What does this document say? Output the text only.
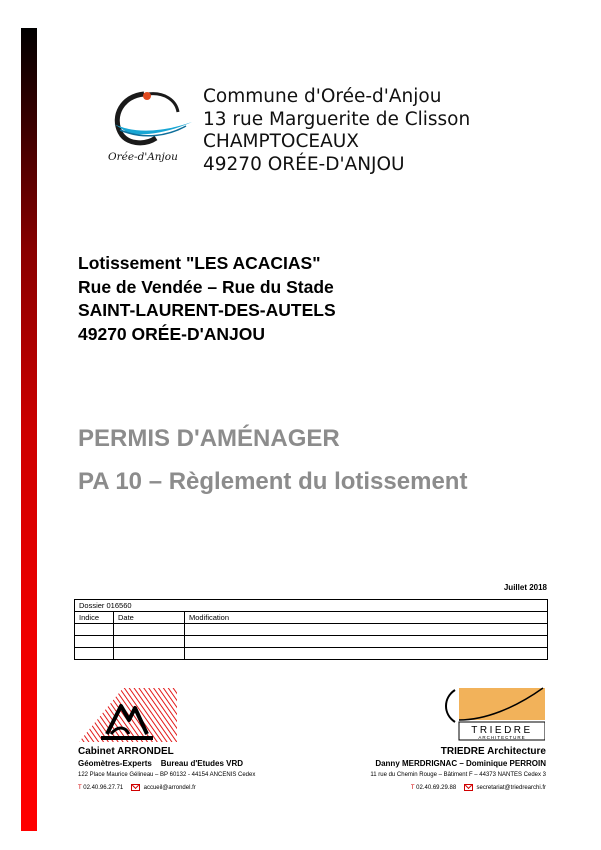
Orée-d'Anjou
Commune d'Orée-d'Anjou
13 rue Marguerite de Clisson
CHAMPTOCEAUX
49270 ORÉE-D'ANJOU
Lotissement "LES ACACIAS"
Rue de Vendée – Rue du Stade
SAINT-LAURENT-DES-AUTELS
49270 ORÉE-D'ANJOU
PERMIS D'AMÉNAGER
PA 10 – Règlement du lotissement
Juillet 2018
Dossier 016560		
Indice	Date	Modification

Cabinet ARRONDEL
Géomètres-Experts    Bureau d'Etudes VRD
122 Place Maurice Gélineau – BP 60132 - 44154 ANCENIS Cedex
T 02.40.96.27.71	accueil@arrondel.fr
TRIEDRE
ARCHITECTURE
TRIEDRE Architecture
Danny MERDRIGNAC – Dominique PERROIN
11 rue du Chemin Rouge – Bâtiment F – 44373 NANTES Cedex 3
T 02.40.69.29.88	secretariat@triedrearchi.fr
